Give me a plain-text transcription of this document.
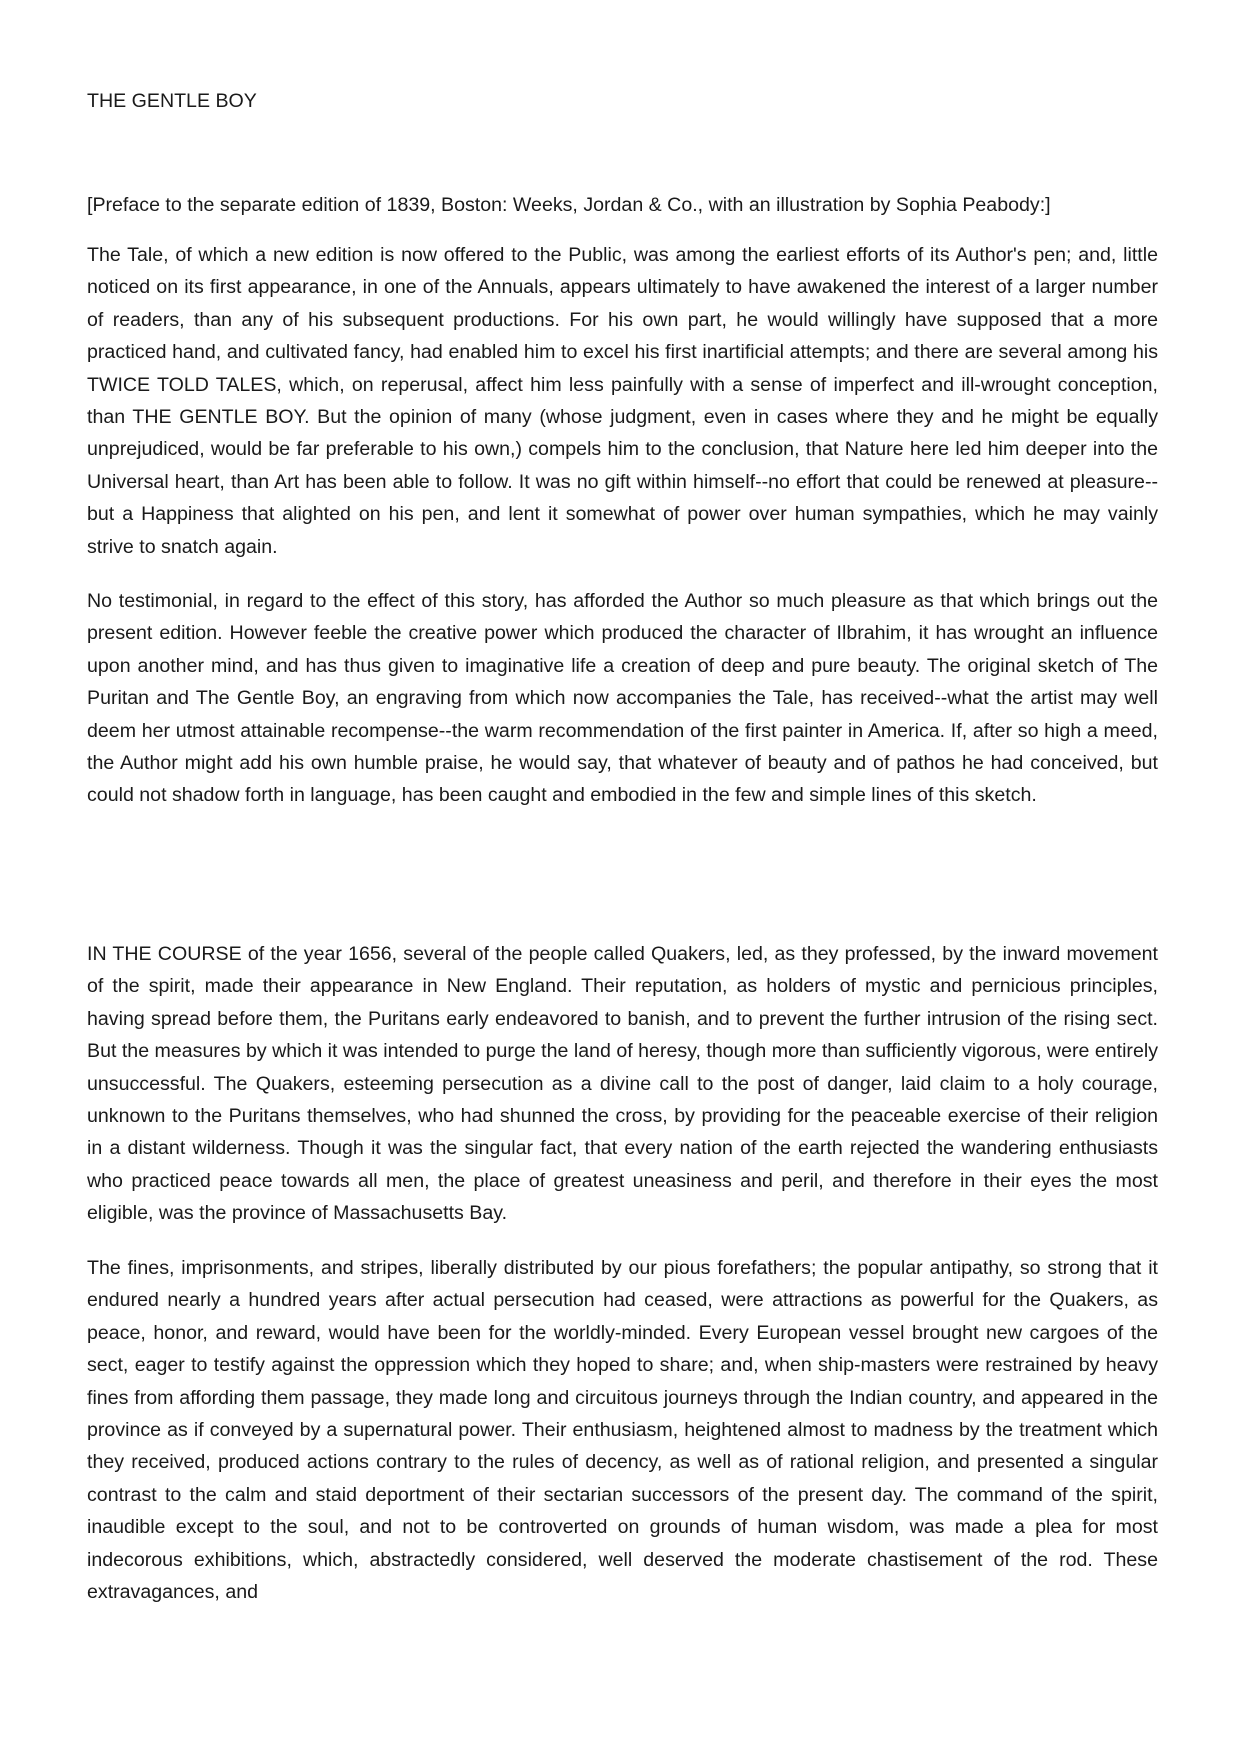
THE GENTLE BOY

[Preface to the separate edition of 1839, Boston: Weeks, Jordan & Co., with an illustration by Sophia Peabody:]

The Tale, of which a new edition is now offered to the Public, was among the earliest efforts of its Author's pen; and, little noticed on its first appearance, in one of the Annuals, appears ultimately to have awakened the interest of a larger number of readers, than any of his subsequent productions. For his own part, he would willingly have supposed that a more practiced hand, and cultivated fancy, had enabled him to excel his first inartificial attempts; and there are several among his TWICE TOLD TALES, which, on reperusal, affect him less painfully with a sense of imperfect and ill-wrought conception, than THE GENTLE BOY. But the opinion of many (whose judgment, even in cases where they and he might be equally unprejudiced, would be far preferable to his own,) compels him to the conclusion, that Nature here led him deeper into the Universal heart, than Art has been able to follow. It was no gift within himself--no effort that could be renewed at pleasure--but a Happiness that alighted on his pen, and lent it somewhat of power over human sympathies, which he may vainly strive to snatch again.

No testimonial, in regard to the effect of this story, has afforded the Author so much pleasure as that which brings out the present edition. However feeble the creative power which produced the character of Ilbrahim, it has wrought an influence upon another mind, and has thus given to imaginative life a creation of deep and pure beauty. The original sketch of The Puritan and The Gentle Boy, an engraving from which now accompanies the Tale, has received--what the artist may well deem her utmost attainable recompense--the warm recommendation of the first painter in America. If, after so high a meed, the Author might add his own humble praise, he would say, that whatever of beauty and of pathos he had conceived, but could not shadow forth in language, has been caught and embodied in the few and simple lines of this sketch.

IN THE COURSE of the year 1656, several of the people called Quakers, led, as they professed, by the inward movement of the spirit, made their appearance in New England. Their reputation, as holders of mystic and pernicious principles, having spread before them, the Puritans early endeavored to banish, and to prevent the further intrusion of the rising sect. But the measures by which it was intended to purge the land of heresy, though more than sufficiently vigorous, were entirely unsuccessful. The Quakers, esteeming persecution as a divine call to the post of danger, laid claim to a holy courage, unknown to the Puritans themselves, who had shunned the cross, by providing for the peaceable exercise of their religion in a distant wilderness. Though it was the singular fact, that every nation of the earth rejected the wandering enthusiasts who practiced peace towards all men, the place of greatest uneasiness and peril, and therefore in their eyes the most eligible, was the province of Massachusetts Bay.

The fines, imprisonments, and stripes, liberally distributed by our pious forefathers; the popular antipathy, so strong that it endured nearly a hundred years after actual persecution had ceased, were attractions as powerful for the Quakers, as peace, honor, and reward, would have been for the worldly-minded. Every European vessel brought new cargoes of the sect, eager to testify against the oppression which they hoped to share; and, when ship-masters were restrained by heavy fines from affording them passage, they made long and circuitous journeys through the Indian country, and appeared in the province as if conveyed by a supernatural power. Their enthusiasm, heightened almost to madness by the treatment which they received, produced actions contrary to the rules of decency, as well as of rational religion, and presented a singular contrast to the calm and staid deportment of their sectarian successors of the present day. The command of the spirit, inaudible except to the soul, and not to be controverted on grounds of human wisdom, was made a plea for most indecorous exhibitions, which, abstractedly considered, well deserved the moderate chastisement of the rod. These extravagances, and
